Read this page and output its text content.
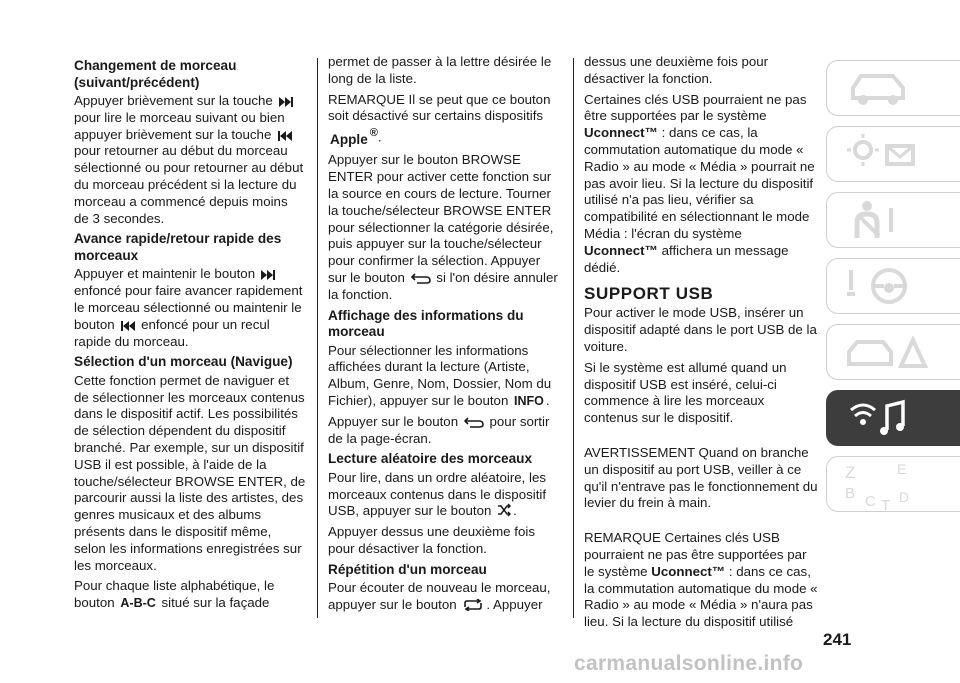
Changement de morceau (suivant/précédent)

Appuyer brièvement sur la touche
pour lire le morceau suivant ou bien appuyer brièvement sur la touche
pour retourner au début du morceau sélectionné ou pour retourner au début du morceau précédent si la lecture du morceau a commencé depuis moins de 3 secondes.

Avance rapide/retour rapide des morceaux

Appuyer et maintenir le bouton
enfoncé pour faire avancer rapidement le morceau sélectionné ou maintenir le bouton enfoncé pour un recul rapide du morceau.

Sélection d'un morceau (Navigue)

Cette fonction permet de naviguer et de sélectionner les morceaux contenus dans le dispositif actif. Les possibilités de sélection dépendent du dispositif branché. Par exemple, sur un dispositif USB il est possible, à l'aide de la touche/sélecteur BROWSE ENTER, de parcourir aussi la liste des artistes, des genres musicaux et des albums présents dans le dispositif même, selon les informations enregistrées sur les morceaux.

Pour chaque liste alphabétique, le bouton A-B-C situé sur la façade

permet de passer à la lettre désirée le long de la liste.

REMARQUE Il se peut que ce bouton soit désactivé sur certains dispositifs Apple ®.

Appuyer sur le bouton BROWSE ENTER pour activer cette fonction sur la source en cours de lecture. Tourner la touche/sélecteur BROWSE ENTER pour sélectionner la catégorie désirée, puis appuyer sur la touche/sélecteur pour confirmer la sélection. Appuyer sur le bouton si l'on désire annuler la fonction.

Affichage des informations du morceau

Pour sélectionner les informations affichées durant la lecture (Artiste, Album, Genre, Nom, Dossier, Nom du Fichier), appuyer sur le bouton INFO .

Appuyer sur le bouton pour sortir de la page-écran.

Lecture aléatoire des morceaux

Pour lire, dans un ordre aléatoire, les morceaux contenus dans le dispositif USB, appuyer sur le bouton .

Appuyer dessus une deuxième fois pour désactiver la fonction.

Répétition d'un morceau

Pour écouter de nouveau le morceau, appuyer sur le bouton . Appuyer

dessus une deuxième fois pour désactiver la fonction.

Certaines clés USB pourraient ne pas être supportées par le système Uconnect™ : dans ce cas, la commutation automatique du mode « Radio » au mode « Média » pourrait ne pas avoir lieu. Si la lecture du dispositif utilisé n'a pas lieu, vérifier sa compatibilité en sélectionnant le mode Média : l'écran du système Uconnect™ affichera un message dédié.

SUPPORT USB

Pour activer le mode USB, insérer un dispositif adapté dans le port USB de la voiture.

Si le système est allumé quand un dispositif USB est inséré, celui-ci commence à lire les morceaux contenus sur le dispositif.

AVERTISSEMENT Quand on branche un dispositif au port USB, veiller à ce qu'il n'entrave pas le fonctionnement du levier du frein à main.

REMARQUE Certaines clés USB pourraient ne pas être supportées par le système Uconnect™ : dans ce cas, la commutation automatique du mode « Radio » au mode « Média » n'aura pas lieu. Si la lecture du dispositif utilisé

Z	E
B C T D
241
carmanualsonline.info
